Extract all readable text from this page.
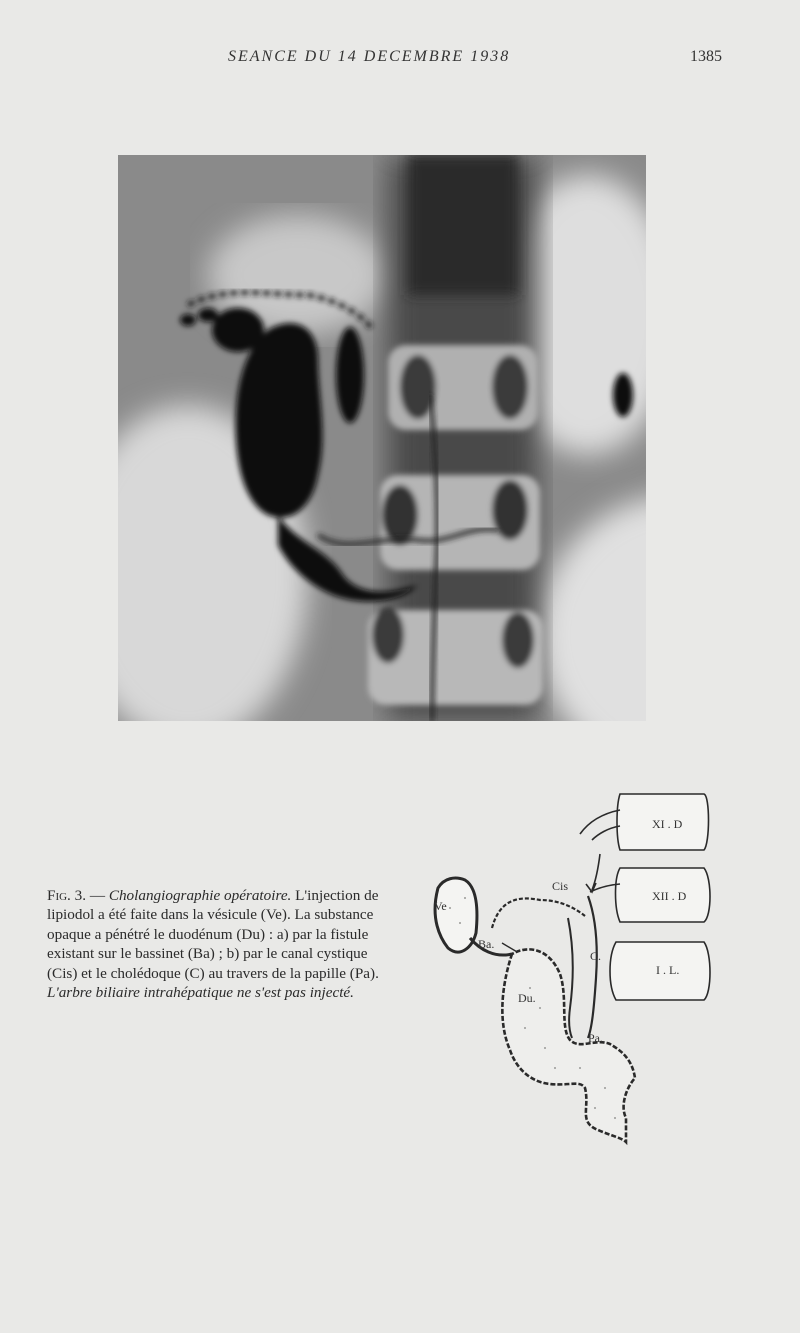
SEANCE DU 14 DECEMBRE 1938	1385

Fig. 3. — Cholangiographie opératoire. L'injection de lipiodol a été faite dans la vésicule (Ve). La substance opaque a pénétré le duodénum (Du) : a) par la fistule existant sur le bassinet (Ba) ; b) par le canal cystique (Cis) et le cholédoque (C) au travers de la papille (Pa). L'arbre biliaire intrahépatique ne s'est pas injecté.

XI . D
XII . D
I . L.
Ve
Ba.
Cis
C.
Du.
Pa.
